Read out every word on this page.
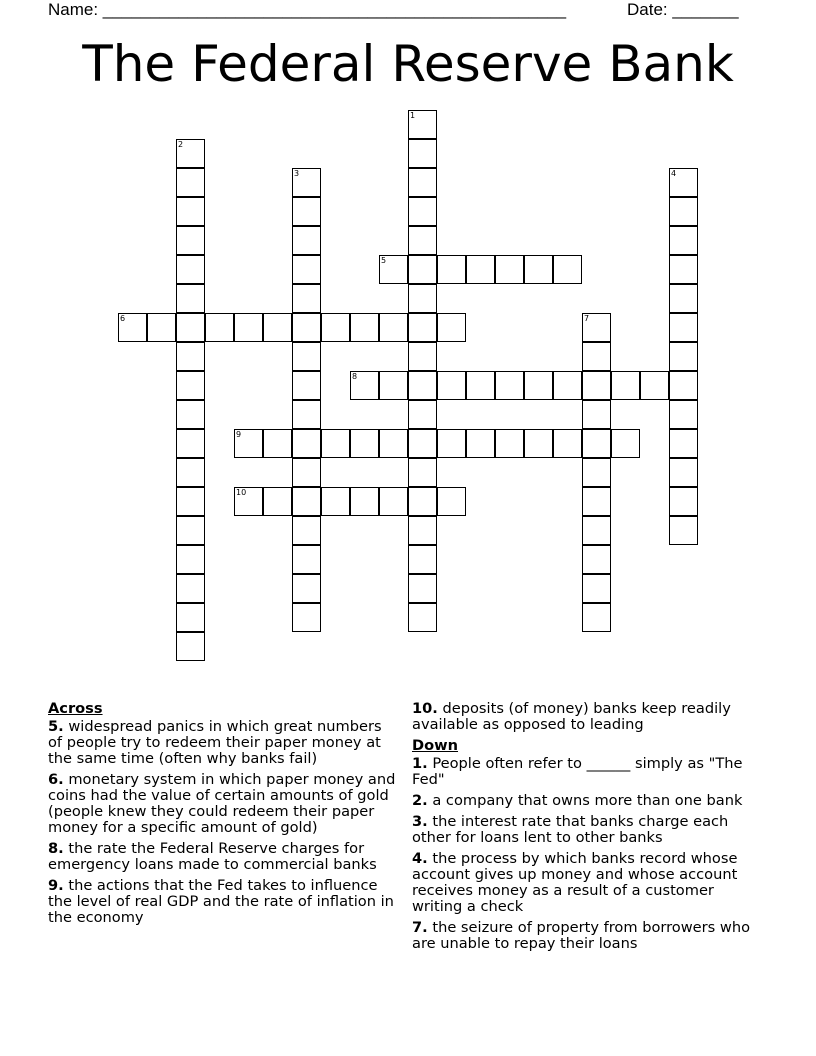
Name: _________________________________________________	Date: _______
The Federal Reserve Bank
1
2
3	4
5
6	7
8
9
10
Across
5. widespread panics in which great numbers of people try to redeem their paper money at the same time (often why banks fail)
6. monetary system in which paper money and coins had the value of certain amounts of gold (people knew they could redeem their paper money for a specific amount of gold)
8. the rate the Federal Reserve charges for emergency loans made to commercial banks
9. the actions that the Fed takes to influence the level of real GDP and the rate of inflation in the economy
10. deposits (of money) banks keep readily available as opposed to leading
Down
1. People often refer to ______ simply as "The Fed"
2. a company that owns more than one bank
3. the interest rate that banks charge each other for loans lent to other banks
4. the process by which banks record whose account gives up money and whose account receives money as a result of a customer writing a check
7. the seizure of property from borrowers who are unable to repay their loans
